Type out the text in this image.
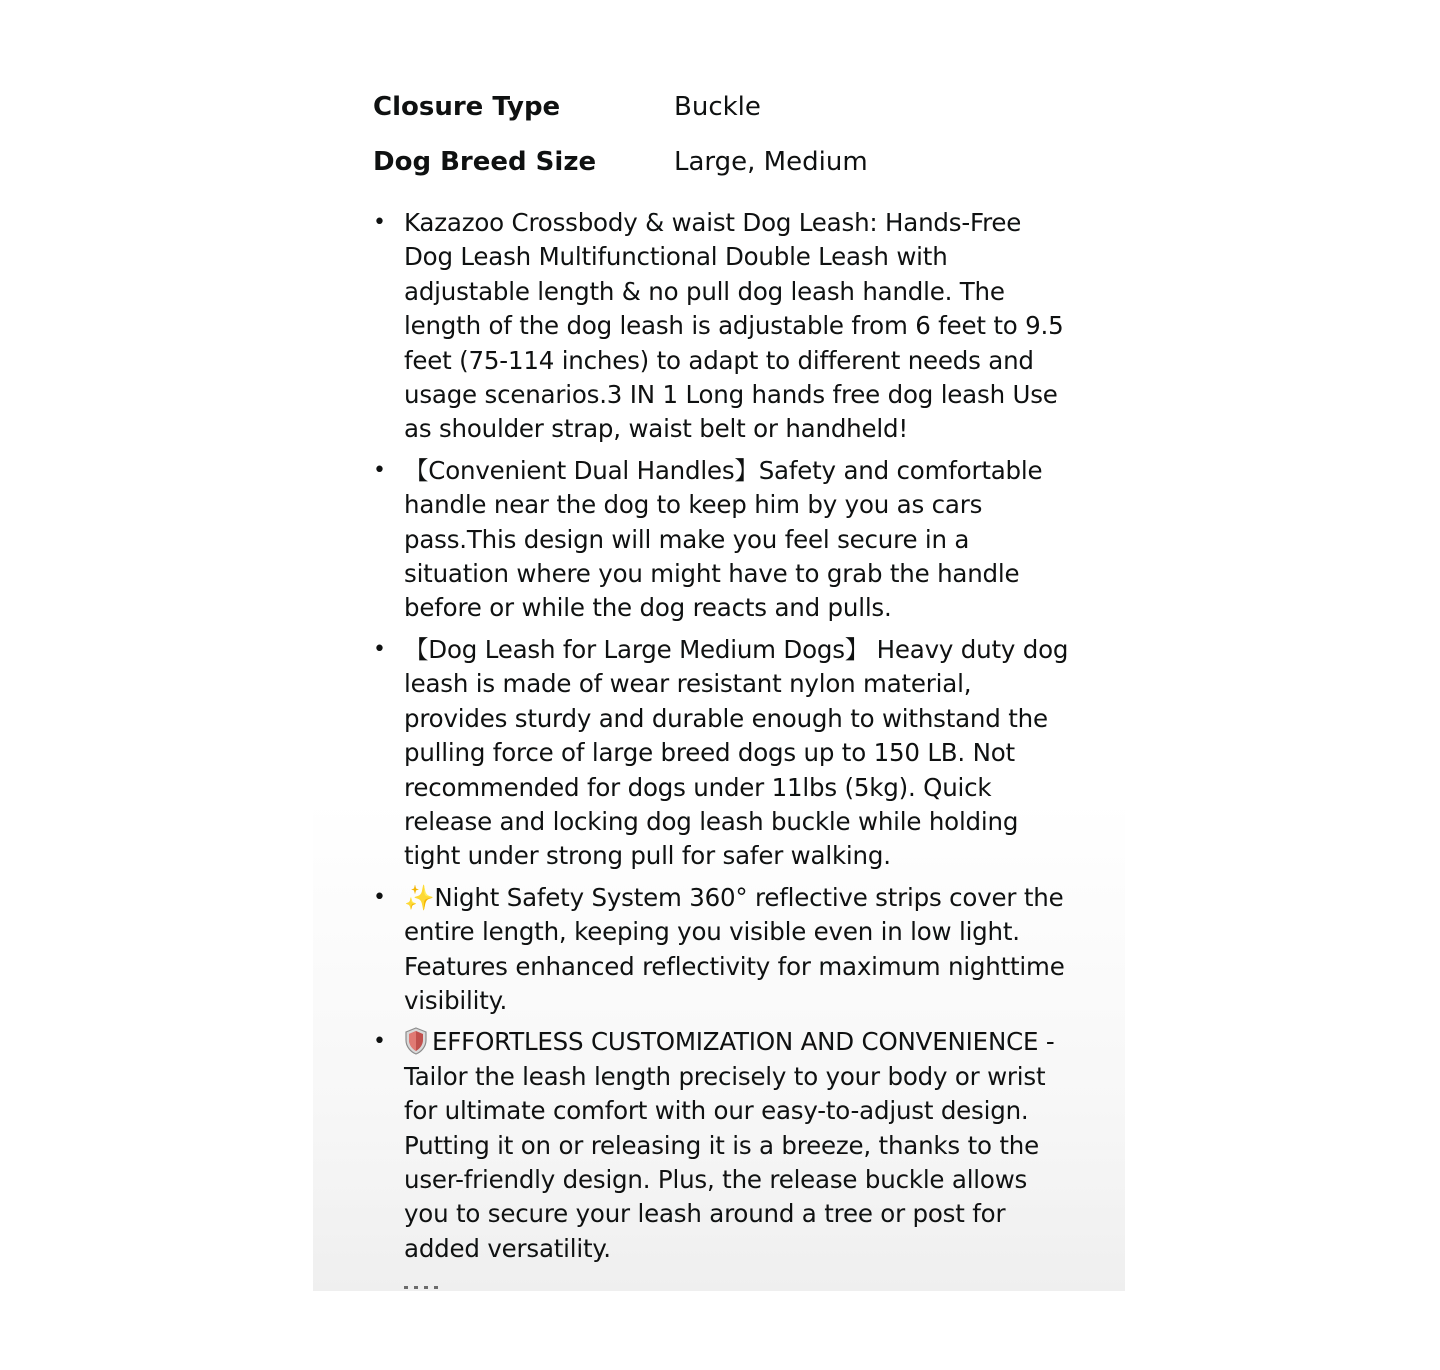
Closure Type	Buckle
Dog Breed Size	Large, Medium
• Kazazoo Crossbody & waist Dog Leash: Hands-Free Dog Leash Multifunctional Double Leash with adjustable length & no pull dog leash handle. The length of the dog leash is adjustable from 6 feet to 9.5 feet (75-114 inches) to adapt to different needs and usage scenarios.3 IN 1 Long hands free dog leash Use as shoulder strap, waist belt or handheld!
• 【Convenient Dual Handles】Safety and comfortable handle near the dog to keep him by you as cars pass.This design will make you feel secure in a situation where you might have to grab the handle before or while the dog reacts and pulls.
• 【Dog Leash for Large Medium Dogs】 Heavy duty dog leash is made of wear resistant nylon material, provides sturdy and durable enough to withstand the pulling force of large breed dogs up to 150 LB. Not recommended for dogs under 11lbs (5kg). Quick release and locking dog leash buckle while holding tight under strong pull for safer walking.
• ✨Night Safety System 360° reflective strips cover the entire length, keeping you visible even in low light. Features enhanced reflectivity for maximum nighttime visibility.
• EFFORTLESS CUSTOMIZATION AND CONVENIENCE - Tailor the leash length precisely to your body or wrist for ultimate comfort with our easy-to-adjust design. Putting it on or releasing it is a breeze, thanks to the user-friendly design. Plus, the release buckle allows you to secure your leash around a tree or post for added versatility.
